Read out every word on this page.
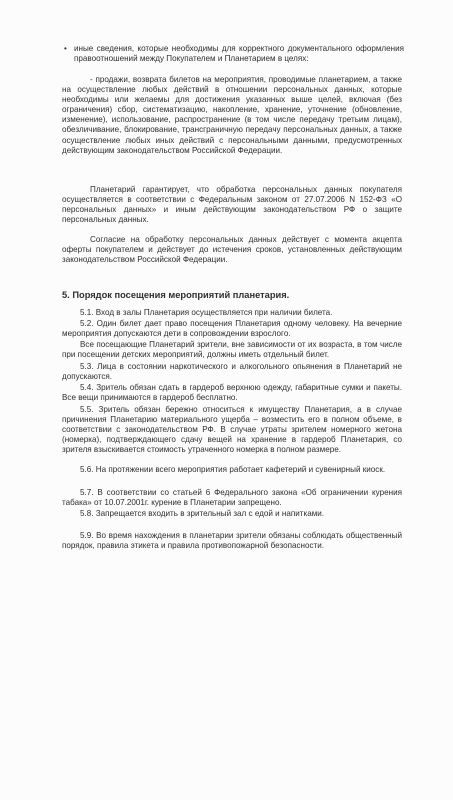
• иные сведения, которые необходимы для корректного документального оформления правоотношений между Покупателем и Планетарием в целях:

- продажи, возврата билетов на мероприятия, проводимые планетарием, а также на осуществление любых действий в отношении персональных данных, которые необходимы или желаемы для достижения указанных выше целей, включая (без ограничения) сбор, систематизацию, накопление, хранение, уточнение (обновление, изменение), использование, распространение (в том числе передачу третьим лицам), обезличивание, блокирование, трансграничную передачу персональных данных, а также осуществление любых иных действий с персональными данными, предусмотренных действующим законодательством Российской Федерации.

Планетарий гарантирует, что обработка персональных данных покупателя осуществляется в соответствии с Федеральным законом от 27.07.2006 N 152-ФЗ «О персональных данных» и иным действующим законодательством РФ о защите персональных данных.

Согласие на обработку персональных данных действует с момента акцепта оферты покупателем и действует до истечения сроков, установленных действующим законодательством Российской Федерации.

5. Порядок посещения мероприятий планетария.

5.1. Вход в залы Планетария осуществляется при наличии билета.

5.2. Один билет дает право посещения Планетария одному человеку. На вечерние мероприятия допускаются дети в сопровождении взрослого.

Все посещающие Планетарий зрители, вне зависимости от их возраста, в том числе при посещении детских мероприятий, должны иметь отдельный билет.

5.3. Лица в состоянии наркотического и алкогольного опьянения в Планетарий не допускаются.

5.4. Зритель обязан сдать в гардероб верхнюю одежду, габаритные сумки и пакеты. Все вещи принимаются в гардероб бесплатно.

5.5. Зритель обязан бережно относиться к имуществу Планетария, а в случае причинения Планетарию материального ущерба – возместить его в полном объеме, в соответствии с законодательством РФ. В случае утраты зрителем номерного жетона (номерка), подтверждающего сдачу вещей на хранение в гардероб Планетария, со зрителя взыскивается стоимость утраченного номерка в полном размере.

5.6. На протяжении всего мероприятия работает кафетерий и сувенирный киоск.

5.7. В соответствии со статьей 6 Федерального закона «Об ограничении курения табака» от 10.07.2001г. курение в Планетарии запрещено.

5.8. Запрещается входить в зрительный зал с едой и напитками.

5.9. Во время нахождения в планетарии зрители обязаны соблюдать общественный порядок, правила этикета и правила противопожарной безопасности.
